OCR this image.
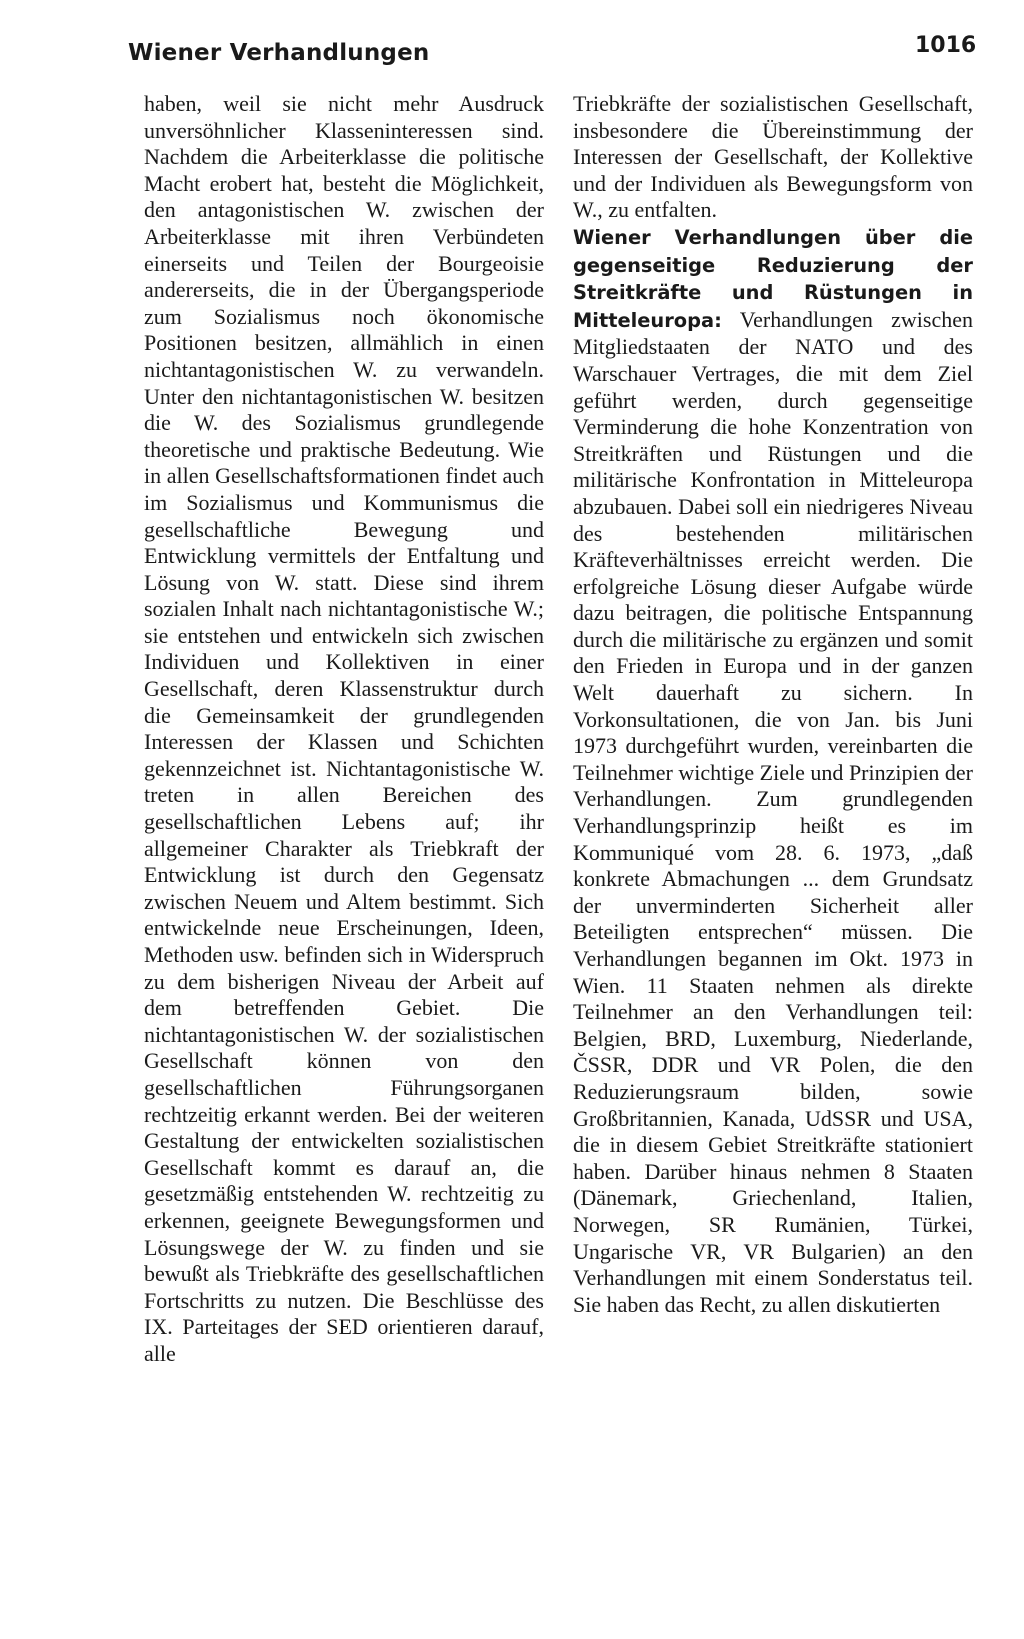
Wiener Verhandlungen	1016

haben, weil sie nicht mehr Ausdruck unversöhnlicher Klasseninteressen sind. Nachdem die Arbeiterklasse die politische Macht erobert hat, besteht die Möglichkeit, den antagonistischen W. zwischen der Arbeiterklasse mit ihren Verbündeten einerseits und Teilen der Bourgeoisie andererseits, die in der Übergangsperiode zum Sozialismus noch ökonomische Positionen besitzen, allmählich in einen nichtantagonistischen W. zu verwandeln. Unter den nichtantagonistischen W. besitzen die W. des Sozialismus grundlegende theoretische und praktische Bedeutung. Wie in allen Gesellschaftsformationen findet auch im Sozialismus und Kommunismus die gesellschaftliche Bewegung und Entwicklung vermittels der Entfaltung und Lösung von W. statt. Diese sind ihrem sozialen Inhalt nach nichtantagonistische W.; sie entstehen und entwickeln sich zwischen Individuen und Kollektiven in einer Gesellschaft, deren Klassenstruktur durch die Gemeinsamkeit der grundlegenden Interessen der Klassen und Schichten gekennzeichnet ist. Nichtantagonistische W. treten in allen Bereichen des gesellschaftlichen Lebens auf; ihr allgemeiner Charakter als Triebkraft der Entwicklung ist durch den Gegensatz zwischen Neuem und Altem bestimmt. Sich entwickelnde neue Erscheinungen, Ideen, Methoden usw. befinden sich in Widerspruch zu dem bisherigen Niveau der Arbeit auf dem betreffenden Gebiet. Die nichtantagonistischen W. der sozialistischen Gesellschaft können von den gesellschaftlichen Führungsorganen rechtzeitig erkannt werden. Bei der weiteren Gestaltung der entwickelten sozialistischen Gesellschaft kommt es darauf an, die gesetzmäßig entstehenden W. rechtzeitig zu erkennen, geeignete Bewegungsformen und Lösungswege der W. zu finden und sie bewußt als Triebkräfte des gesellschaftlichen Fortschritts zu nutzen. Die Beschlüsse des IX. Parteitages der SED orientieren darauf, alle

Triebkräfte der sozialistischen Gesellschaft, insbesondere die Übereinstimmung der Interessen der Gesellschaft, der Kollektive und der Individuen als Bewegungsform von W., zu entfalten.

Wiener Verhandlungen über die gegenseitige Reduzierung der Streitkräfte und Rüstungen in Mitteleuropa: Verhandlungen zwischen Mitgliedstaaten der NATO und des Warschauer Vertrages, die mit dem Ziel geführt werden, durch gegenseitige Verminderung die hohe Konzentration von Streitkräften und Rüstungen und die militärische Konfrontation in Mitteleuropa abzubauen. Dabei soll ein niedrigeres Niveau des bestehenden militärischen Kräfteverhältnisses erreicht werden. Die erfolgreiche Lösung dieser Aufgabe würde dazu beitragen, die politische Entspannung durch die militärische zu ergänzen und somit den Frieden in Europa und in der ganzen Welt dauerhaft zu sichern. In Vorkonsultationen, die von Jan. bis Juni 1973 durchgeführt wurden, vereinbarten die Teilnehmer wichtige Ziele und Prinzipien der Verhandlungen. Zum grundlegenden Verhandlungsprinzip heißt es im Kommuniqué vom 28. 6. 1973, „daß konkrete Abmachungen ... dem Grundsatz der unverminderten Sicherheit aller Beteiligten entsprechen“ müssen. Die Verhandlungen begannen im Okt. 1973 in Wien. 11 Staaten nehmen als direkte Teilnehmer an den Verhandlungen teil: Belgien, BRD, Luxemburg, Niederlande, ČSSR, DDR und VR Polen, die den Reduzierungsraum bilden, sowie Großbritannien, Kanada, UdSSR und USA, die in diesem Gebiet Streitkräfte stationiert haben. Darüber hinaus nehmen 8 Staaten (Dänemark, Griechenland, Italien, Norwegen, SR Rumänien, Türkei, Ungarische VR, VR Bulgarien) an den Verhandlungen mit einem Sonderstatus teil. Sie haben das Recht, zu allen diskutierten
